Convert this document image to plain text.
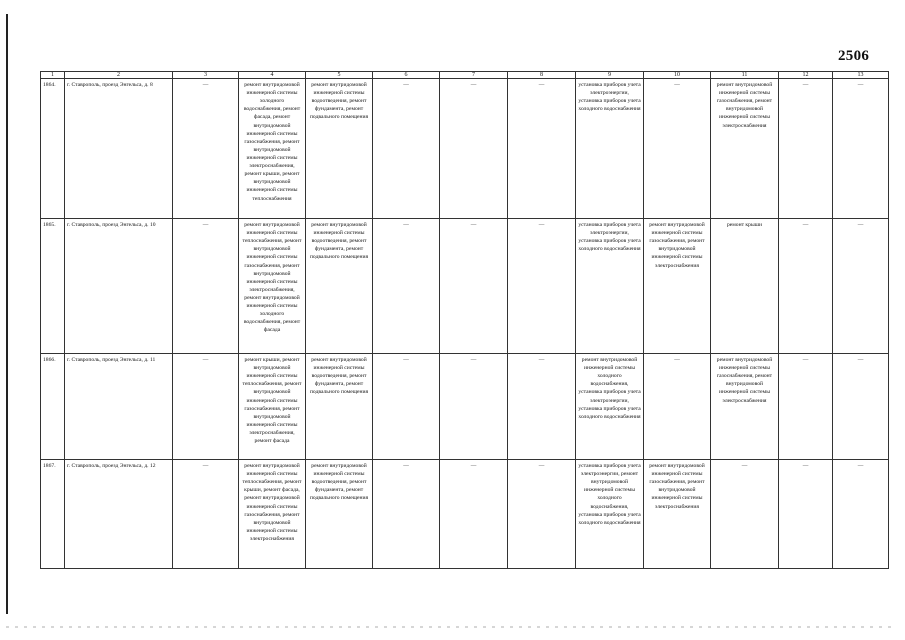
2506
1	2	3	4	5	6	7	8	9	10	11	12	13
1864.	г. Ставрополь, проезд Энгельса, д. 8	—	ремонт внутридомовой инженерной системы холодного водоснабжения, ремонт фасада, ремонт внутридомовой инженерной системы газоснабжения, ремонт внутридомовой инженерной системы электроснабжения, ремонт крыши, ремонт внутридомовой инженерной системы теплоснабжения	ремонт внутридомовой инженерной системы водоотведения, ремонт фундамента, ремонт подвального помещения	—	—	—	установка приборов учета электроэнергии, установка приборов учета холодного водоснабжения	—	ремонт внутридомовой инженерной системы газоснабжения, ремонт внутридомовой инженерной системы электроснабжения	—	—
1865.	г. Ставрополь, проезд Энгельса, д. 10	—	ремонт внутридомовой инженерной системы теплоснабжения, ремонт внутридомовой инженерной системы газоснабжения, ремонт внутридомовой инженерной системы электроснабжения, ремонт внутридомовой инженерной системы холодного водоснабжения, ремонт фасада	ремонт внутридомовой инженерной системы водоотведения, ремонт фундамента, ремонт подвального помещения	—	—	—	установка приборов учета электроэнергии, установка приборов учета холодного водоснабжения	ремонт внутридомовой инженерной системы газоснабжения, ремонт внутридомовой инженерной системы электроснабжения	ремонт крыши	—	—
1866.	г. Ставрополь, проезд Энгельса, д. 11	—	ремонт крыши, ремонт внутридомовой инженерной системы теплоснабжения, ремонт внутридомовой инженерной системы газоснабжения, ремонт внутридомовой инженерной системы электроснабжения, ремонт фасада	ремонт внутридомовой инженерной системы водоотведения, ремонт фундамента, ремонт подвального помещения	—	—	—	ремонт внутридомовой инженерной системы холодного водоснабжения, установка приборов учета электроэнергии, установка приборов учета холодного водоснабжения	—	ремонт внутридомовой инженерной системы газоснабжения, ремонт внутридомовой инженерной системы электроснабжения	—	—
1867.	г. Ставрополь, проезд Энгельса, д. 12	—	ремонт внутридомовой инженерной системы теплоснабжения, ремонт крыши, ремонт фасада, ремонт внутридомовой инженерной системы газоснабжения, ремонт внутридомовой инженерной системы электроснабжения	ремонт внутридомовой инженерной системы водоотведения, ремонт фундамента, ремонт подвального помещения	—	—	—	установка приборов учета электроэнергии, ремонт внутридомовой инженерной системы холодного водоснабжения, установка приборов учета холодного водоснабжения	ремонт внутридомовой инженерной системы газоснабжения, ремонт внутридомовой инженерной системы электроснабжения	—	—	—
